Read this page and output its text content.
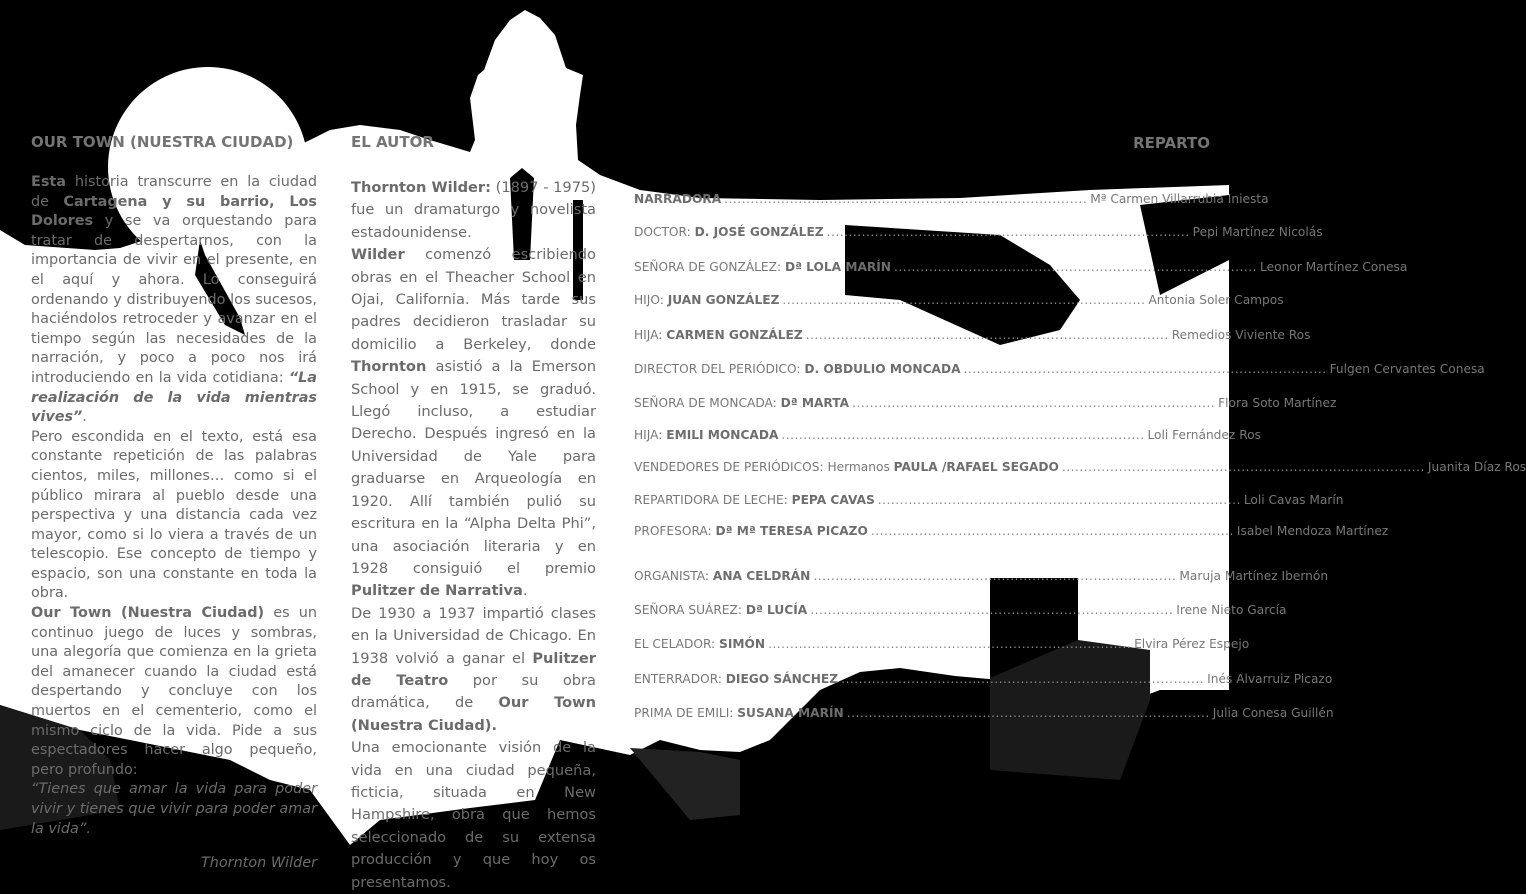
OUR TOWN (NUESTRA CIUDAD)

Esta historia transcurre en la ciudad de Cartagena y su barrio, Los Dolores y se va orquestando para tratar de despertarnos, con la importancia de vivir en el presente, en el aquí y ahora. Lo conseguirá ordenando y distribuyendo los sucesos, haciéndolos retroceder y avanzar en el tiempo según las necesidades de la narración, y poco a poco nos irá introduciendo en la vida cotidiana: “La realización de la vida mientras vives”.

Pero escondida en el texto, está esa constante repetición de las palabras cientos, miles, millones… como si el público mirara al pueblo desde una perspectiva y una distancia cada vez mayor, como si lo viera a través de un telescopio. Ese concepto de tiempo y espacio, son una constante en toda la obra.

Our Town (Nuestra Ciudad) es un continuo juego de luces y sombras, una alegoría que comienza en la grieta del amanecer cuando la ciudad está despertando y concluye con los muertos en el cementerio, como el mismo ciclo de la vida. Pide a sus espectadores hacer algo pequeño, pero profundo:

“Tienes que amar la vida para poder vivir y tienes que vivir para poder amar la vida”.

Thornton Wilder
EL AUTOR

Thornton Wilder: (1897 - 1975) fue un dramaturgo y novelista estadounidense.

Wilder comenzó escribiendo obras en el Theacher School en Ojai, California. Más tarde sus padres decidieron trasladar su domicilio a Berkeley, donde Thornton asistió a la Emerson School y en 1915, se graduó. Llegó incluso, a estudiar Derecho. Después ingresó en la Universidad de Yale para graduarse en Arqueología en 1920. Allí también pulió su escritura en la “Alpha Delta Phi”, una asociación literaria y en 1928 consiguió el premio Pulitzer de Narrativa.

De 1930 a 1937 impartió clases en la Universidad de Chicago. En 1938 volvió a ganar el Pulitzer de Teatro por su obra dramática, de Our Town (Nuestra Ciudad).

Una emocionante visión de la vida en una ciudad pequeña, ficticia, situada en New Hampshire, obra que hemos seleccionado de su extensa producción y que hoy os presentamos.

REPARTO
NARRADORA ................................................................................... Mª Carmen Villarrubia Iniesta
DOCTOR: D. JOSÉ GONZÁLEZ ................................................................................... Pepi Martínez Nicolás
SEÑORA DE GONZÁLEZ: Dª LOLA MARÍN ................................................................................... Leonor Martínez Conesa
HIJO: JUAN GONZÁLEZ ................................................................................... Antonia Soler Campos
HIJA: CARMEN GONZÁLEZ ................................................................................... Remedios Viviente Ros
DIRECTOR DEL PERIÓDICO: D. OBDULIO MONCADA ................................................................................... Fulgen Cervantes Conesa
SEÑORA DE MONCADA: Dª MARTA ................................................................................... Flora Soto Martínez
HIJA: EMILI MONCADA ................................................................................... Loli Fernández Ros
VENDEDORES DE PERIÓDICOS: Hermanos PAULA /RAFAEL SEGADO ................................................................................... Juanita Díaz Ros
REPARTIDORA DE LECHE: PEPA CAVAS ................................................................................... Loli Cavas Marín
PROFESORA: Dª Mª TERESA PICAZO ................................................................................... Isabel Mendoza Martínez
ORGANISTA: ANA CELDRÁN ................................................................................... Maruja Martínez Ibernón
SEÑORA SUÁREZ: Dª LUCÍA ................................................................................... Irene Nieto García
EL CELADOR: SIMÓN ................................................................................... Elvira Pérez Espejo
ENTERRADOR: DIEGO SÁNCHEZ ................................................................................... Inés Alvarruiz Picazo
PRIMA DE EMILI: SUSANA MARÍN ................................................................................... Julia Conesa Guillén
